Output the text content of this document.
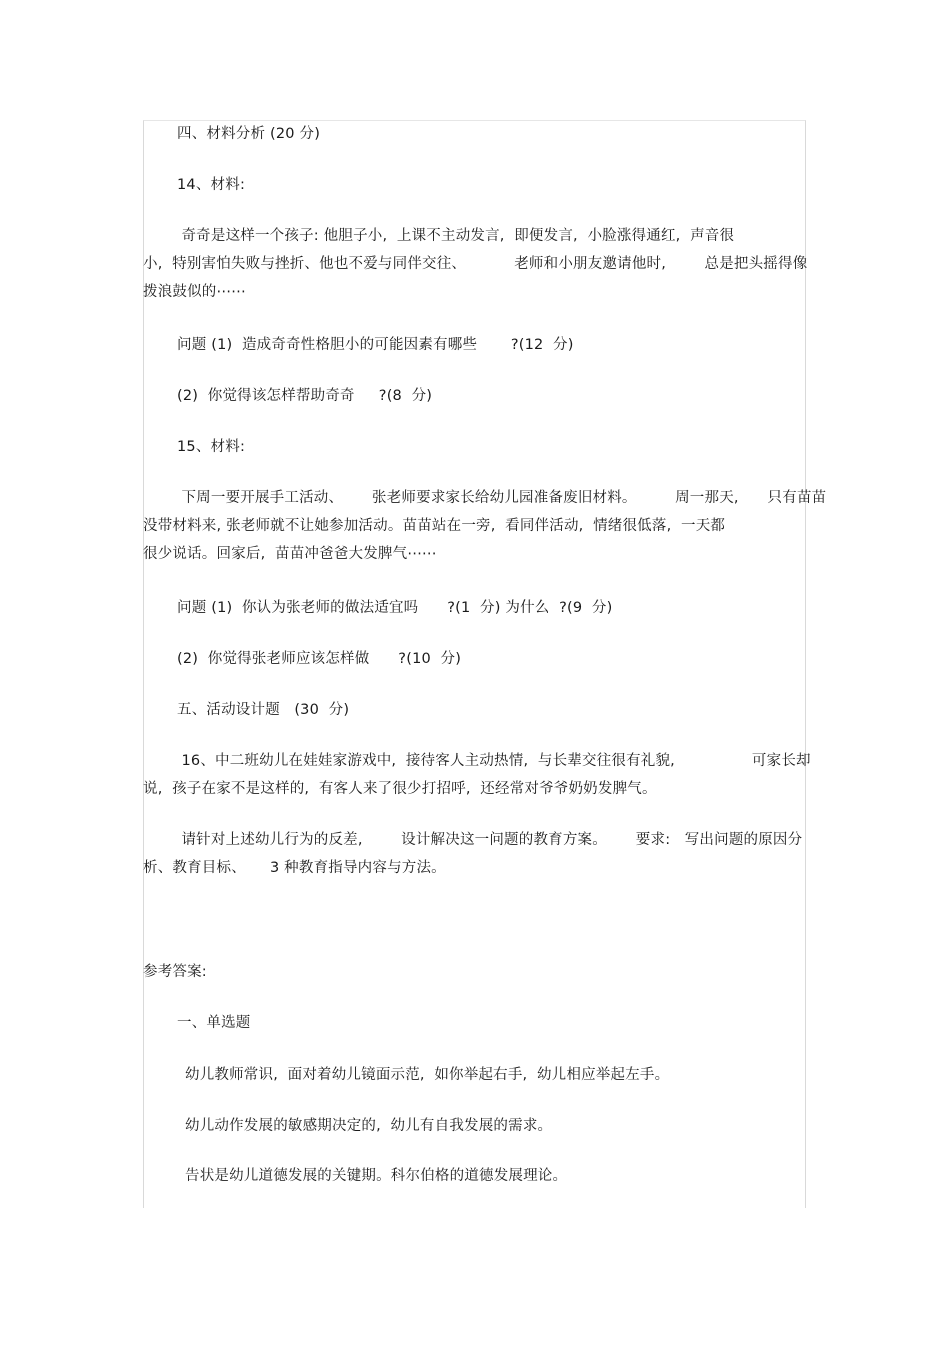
四、材料分析 (20 分)
14、材料:
奇奇是这样一个孩子: 他胆子小,  上课不主动发言,  即便发言,  小脸涨得通红,  声音很
小,  特别害怕失败与挫折、他也不爱与同伴交往、          老师和小朋友邀请他时,        总是把头摇得像
拨浪鼓似的⋯⋯
问题 (1)  造成奇奇性格胆小的可能因素有哪些       ?(12  分)
(2)  你觉得该怎样帮助奇奇     ?(8  分)
15、材料:
下周一要开展手工活动、      张老师要求家长给幼儿园准备废旧材料。        周一那天,      只有苗苗
没带材料来, 张老师就不让她参加活动。苗苗站在一旁,  看同伴活动,  情绪很低落,  一天都
很少说话。回家后,  苗苗冲爸爸大发脾气⋯⋯
问题 (1)  你认为张老师的做法适宜吗      ?(1  分) 为什么  ?(9  分)
(2)  你觉得张老师应该怎样做      ?(10  分)
五、活动设计题   (30  分)
16、中二班幼儿在娃娃家游戏中,  接待客人主动热情,  与长辈交往很有礼貌,                可家长却
说,  孩子在家不是这样的,  有客人来了很少打招呼,  还经常对爷爷奶奶发脾气。
请针对上述幼儿行为的反差,        设计解决这一问题的教育方案。      要求:   写出问题的原因分
析、教育目标、     3 种教育指导内容与方法。
参考答案:
一、单选题
幼儿教师常识,  面对着幼儿镜面示范,  如你举起右手,  幼儿相应举起左手。
幼儿动作发展的敏感期决定的,  幼儿有自我发展的需求。
告状是幼儿道德发展的关键期。科尔伯格的道德发展理论。
